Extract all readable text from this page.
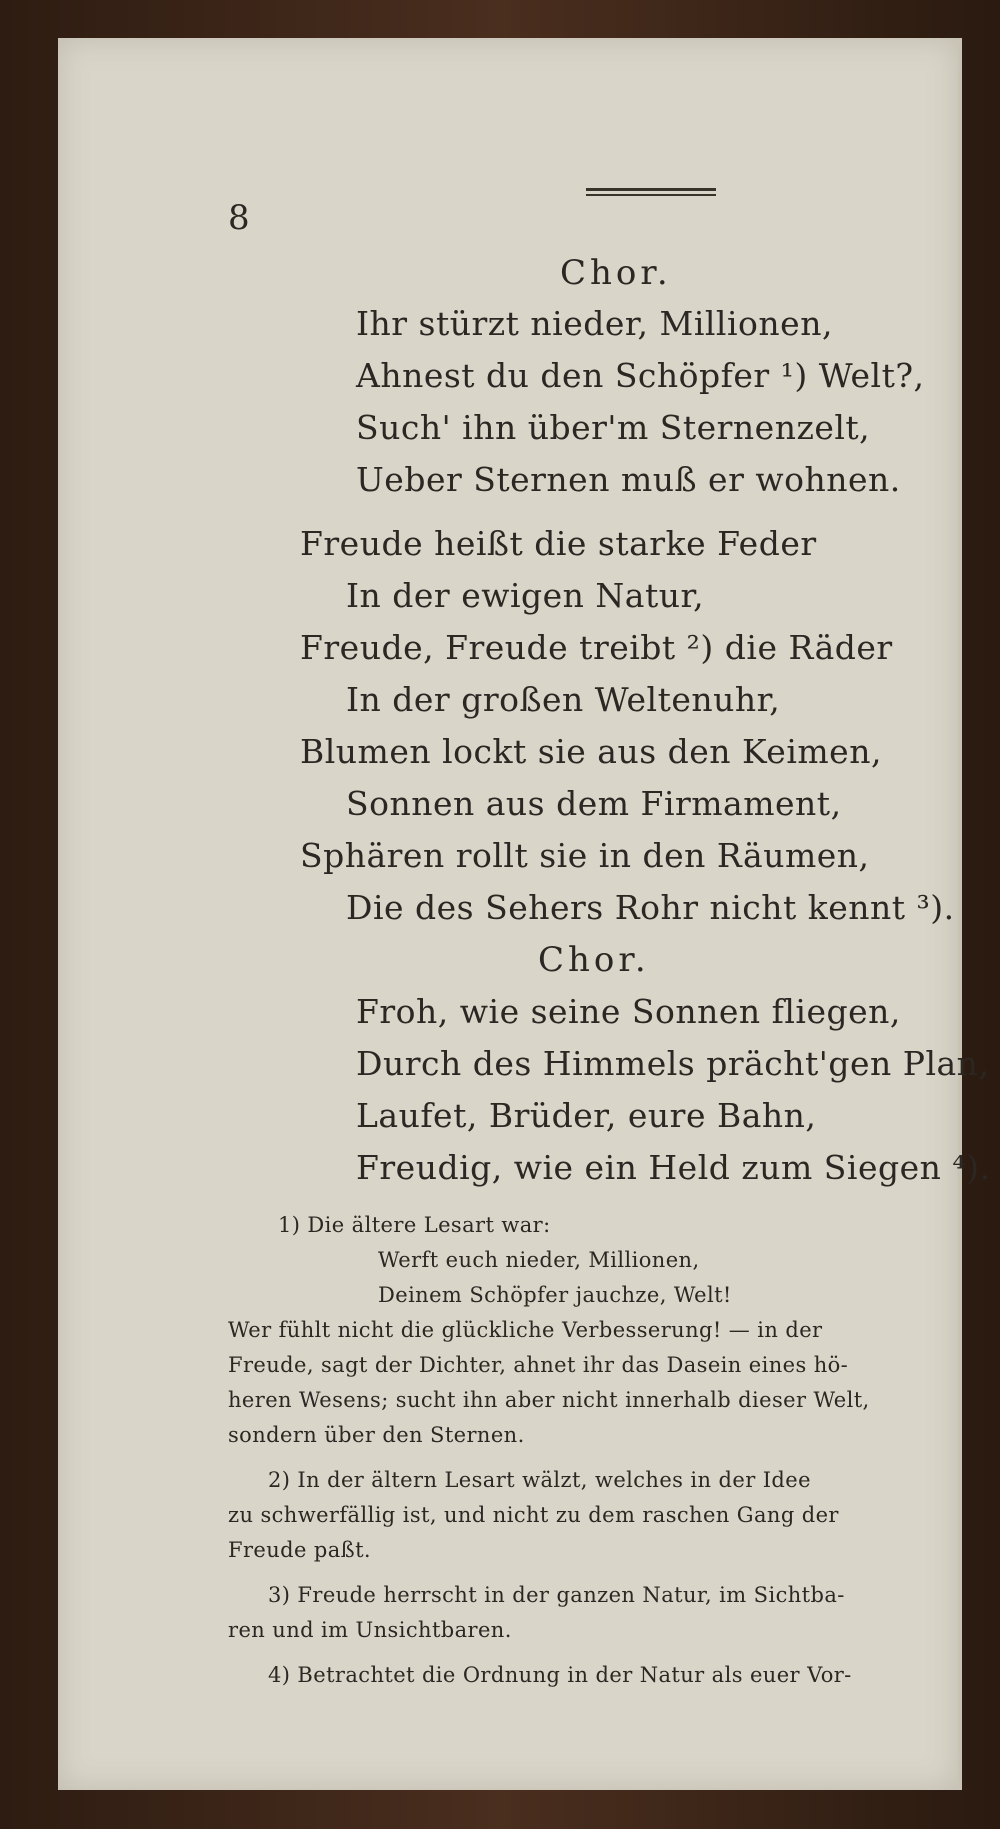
8
Chor.
Ihr stürzt nieder, Millionen,
Ahnest du den Schöpfer ¹) Welt?,
Such' ihn über'm Sternenzelt,
Ueber Sternen muß er wohnen.
Freude heißt die starke Feder
In der ewigen Natur,
Freude, Freude treibt ²) die Räder
In der großen Weltenuhr,
Blumen lockt sie aus den Keimen,
Sonnen aus dem Firmament,
Sphären rollt sie in den Räumen,
Die des Sehers Rohr nicht kennt ³).
Chor.
Froh, wie seine Sonnen fliegen,
Durch des Himmels prächt'gen Plan,
Laufet, Brüder, eure Bahn,
Freudig, wie ein Held zum Siegen ⁴).
1) Die ältere Lesart war:
Werft euch nieder, Millionen,
Deinem Schöpfer jauchze, Welt!
Wer fühlt nicht die glückliche Verbesserung! — in der
Freude, sagt der Dichter, ahnet ihr das Dasein eines hö-
heren Wesens; sucht ihn aber nicht innerhalb dieser Welt,
sondern über den Sternen.
2) In der ältern Lesart wälzt, welches in der Idee
zu schwerfällig ist, und nicht zu dem raschen Gang der
Freude paßt.
3) Freude herrscht in der ganzen Natur, im Sichtba-
ren und im Unsichtbaren.
4) Betrachtet die Ordnung in der Natur als euer Vor-
